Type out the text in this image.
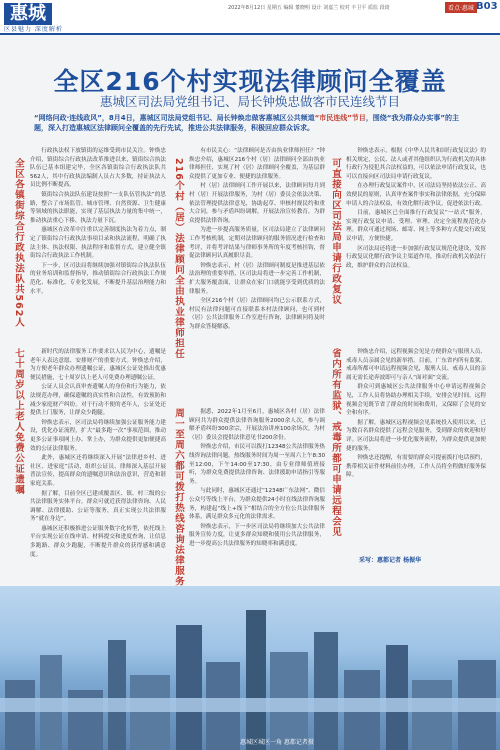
惠城
区县魅力 深度解析
2022年8月12日 星期五 编辑 董晓明 设计 刘嘉兰 校对 丰卫平 质监 段琦	看点·惠城 B03
全区216个村实现法律顾问全覆盖
惠城区司法局党组书记、局长钟焕忠做客市民连线节目
“网络问政·连线政风”，8月4日，惠城区司法局党组书记、局长钟焕忠做客惠城区公共频道“市民连线”节目，围绕“我为群众办实事”的主题，深入打造惠城区法律顾问全覆盖的先行先试，推进公共法律服务，积极回应群众诉求。
全区各镇街综合行政执法队共562人
七十周岁以上老人免费公证遗嘱
216个村（居）法律顾问全由执业律师担任
周一至周六都可拨打热线咨询法律服务
可直接向区司法局申请行政复议
省内所有监狱、戒毒所都可申请远程会见

行政执法权下放镇街的运维受到市民关注。钟焕忠介绍，镇街综合行政执法改革推进以来，镇街综合执法队伍已基本组建完毕，全区各镇街综合行政执法队共562人，其中行政执法编制人员占大多数，持证执法人员比例不断提高。

镇街综合执法队伍建设按照“一支队伍管执法”的思路，整合了市场监管、城市管理、自然资源、卫生健康等领域的执法职能，实现了基层执法力量的集中统一，推动执法重心下移、执法力量下沉。

惠城区在改革中注重以完善制度执法为着力点，制定了镇街综合行政执法事项目录和执法流程，明确了执法主体、执法权限、执法程序和监督方式，建立健全镇街综合行政执法工作机制。

下一步，区司法局将继续加强对镇街综合执法队伍的业务培训和监督指导，推动镇街综合行政执法工作规范化、标准化、专业化发展，不断提升基层治理能力和水平。

新时代的法律服务工作要求以人民为中心，遗嘱是老年人表达意愿、安排财产的重要方式。钟焕忠介绍，为方便老年群众办理遗嘱公证，惠城区公证处推出优惠便民措施，七十周岁以上老人可免费办理遗嘱公证。

公证人员会认真审查遗嘱人的身份和行为能力，依法规范办理，确保遗嘱的真实性和合法性，有效预防和减少家庭财产纠纷。对于行动不便的老年人，公证处还提供上门服务，让群众少跑腿。

钟焕忠表示，区司法局将继续加强公证服务能力建设，优化办证流程，扩大“最多跑一次”事项范围，推动更多公证事项网上办、掌上办，为群众提供更加便捷高效的公证法律服务。

此外，惠城区还将继续深入开展“法律进乡村、进社区、进家庭”活动，组织公证员、律师深入基层开展普法宣传，提高群众的遗嘱意识和法治意识，营造和谐家庭关系。

据了解，目前全区已建成覆盖区、镇、村三级的公共法律服务实体平台，群众可就近获得法律咨询、人民调解、法律援助、公证等服务，真正实现公共法律服务“就在身边”。

惠城区还积极推进公证服务数字化转型，依托线上平台实现公证在线申请、材料提交和进度查询，让信息多跑路、群众少跑腿，不断提升群众的获得感和满意度。

有市民关心：“法律顾问是否由执业律师担任？”钟焕忠介绍，惠城区216个村（居）法律顾问全部由执业律师担任，实现了村（居）法律顾问全覆盖，为基层群众提供了更加专业、便捷的法律服务。

村（居）法律顾问工作开展以来，法律顾问每月到村（居）开展法律服务，为村（居）委员会依法决策、依法管理提供法律意见，协助起草、审核村规民约和重大合同，参与矛盾纠纷调解，开展法治宣传教育，为群众提供法律咨询。

为进一步提高服务质量，区司法局建立了法律顾问工作考核机制，定期对法律顾问的服务情况进行检查和考评，并将考评结果与律师事务所的年度考核挂钩，督促法律顾问认真履职尽责。

钟焕忠表示，村（居）法律顾问制度是推进基层依法治理的重要举措，区司法局将进一步完善工作机制，扩大服务覆盖面，让群众在家门口就能享受到优质的法律服务。

全区216个村（居）法律顾问均已公示联系方式，村民有法律问题可直接联系本村法律顾问，也可到村（居）公共法律服务工作室进行咨询，法律顾问将及时为群众答疑解惑。

据悉，2022年1月至6月，惠城区各村（居）法律顾问共为群众提供法律咨询服务2000余人次，参与调解矛盾纠纷300余宗，开展法治讲座100余场次，为村（居）委员会提供法律意见书200余份。

钟焕忠介绍，市民可以拨打12348公共法律服务热线咨询法律问题。热线服务时间为周一至周六上午8:30至12:00，下午14:00至17:30，由专业律师值班接听，为群众免费提供法律咨询、法律援助申请指引等服务。

与此同时，惠城区还通过“12348广东法网”、微信公众号等线上平台，为群众提供24小时在线法律咨询服务，构建起“线上+线下”相结合的全方位公共法律服务体系，满足群众多元化的法律需求。

钟焕忠表示，下一步区司法局将继续加大公共法律服务宣传力度，让更多群众知晓和使用公共法律服务，进一步提高公共法律服务的知晓率和满意度。

钟焕忠表示，根据《中华人民共和国行政复议法》的相关规定，公民、法人或者其他组织认为行政机关的具体行政行为侵犯其合法权益的，可以依法申请行政复议，也可以直接向区司法局申请行政复议。

在办理行政复议案件中，区司法局坚持依法公正、高效便民的原则，认真审查案件事实和法律依据，充分保障申请人的合法权益，有效化解行政争议，促进依法行政。

目前，惠城区已全面推行行政复议“一站式”服务，实现行政复议申请、受理、审理、决定全流程规范化办理。群众可通过现场、邮寄、网上等多种方式提交行政复议申请，方便快捷。

区司法局还将进一步加强行政复议规范化建设，发挥行政复议化解行政争议主渠道作用，推动行政机关依法行政，维护群众的合法权益。

钟焕忠介绍，远程视频会见是方便群众与服刑人员、戒毒人员亲属会见的新举措。目前，广东省内所有监狱、戒毒所都可申请远程视频会见，服刑人员、戒毒人员的亲属无需长途奔波即可与亲人“面对面”交流。

群众可到惠城区公共法律服务中心申请远程视频会见，工作人员将协助办理相关手续，安排会见时间。远程视频会见既节省了群众的时间和费用，又保障了会见的安全和有序。

据了解，惠城区远程视频会见系统投入使用以来，已为数百名群众提供了远程会见服务，受到群众的欢迎和好评。区司法局将进一步优化服务流程，为群众提供更加便捷的服务。

钟焕忠还提醒，有需要的群众可提前拨打电话预约，携带相关证件材料前往办理，工作人员将全程做好服务保障。

采写：惠都记者 杨振华
惠城区城区一角 惠都记者摄
